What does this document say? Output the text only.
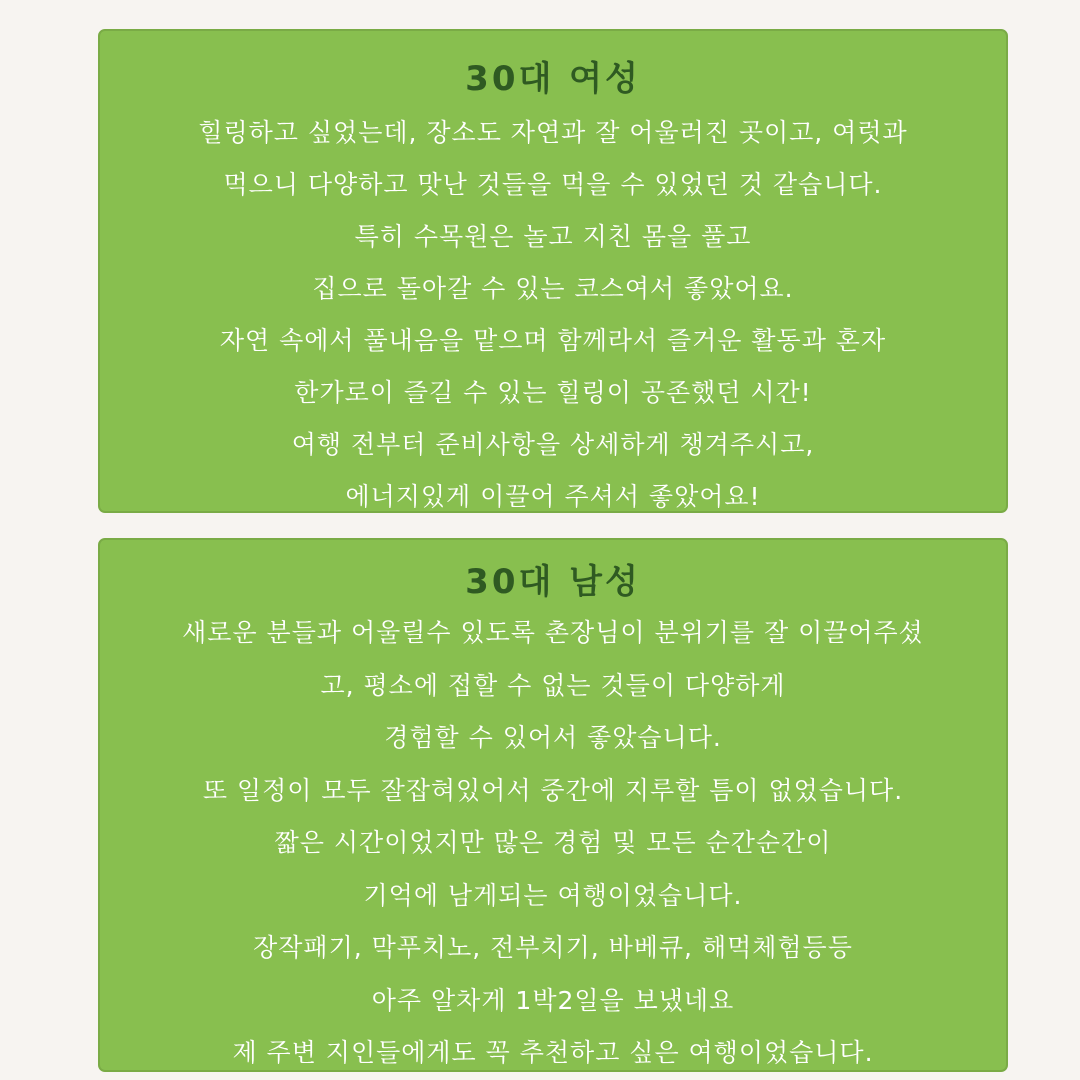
30대 여성
힐링하고 싶었는데, 장소도 자연과 잘 어울러진 곳이고, 여럿과
먹으니 다양하고 맛난 것들을 먹을 수 있었던 것 같습니다.
특히 수목원은 놀고 지친 몸을 풀고
집으로 돌아갈 수 있는 코스여서 좋았어요.
자연 속에서 풀내음을 맡으며 함께라서 즐거운 활동과 혼자
한가로이 즐길 수 있는 힐링이 공존했던 시간!
여행 전부터 준비사항을 상세하게 챙겨주시고,
에너지있게 이끌어 주셔서 좋았어요!
30대 남성
새로운 분들과 어울릴수 있도록 촌장님이 분위기를 잘 이끌어주셨
고, 평소에 접할 수 없는 것들이 다양하게
경험할 수 있어서 좋았습니다.
또 일정이 모두 잘잡혀있어서 중간에 지루할 틈이 없었습니다.
짧은 시간이었지만 많은 경험 및 모든 순간순간이
기억에 남게되는 여행이었습니다.
장작패기, 막푸치노, 전부치기, 바베큐, 해먹체험등등
아주 알차게 1박2일을 보냈네요
제 주변 지인들에게도 꼭 추천하고 싶은 여행이었습니다.
